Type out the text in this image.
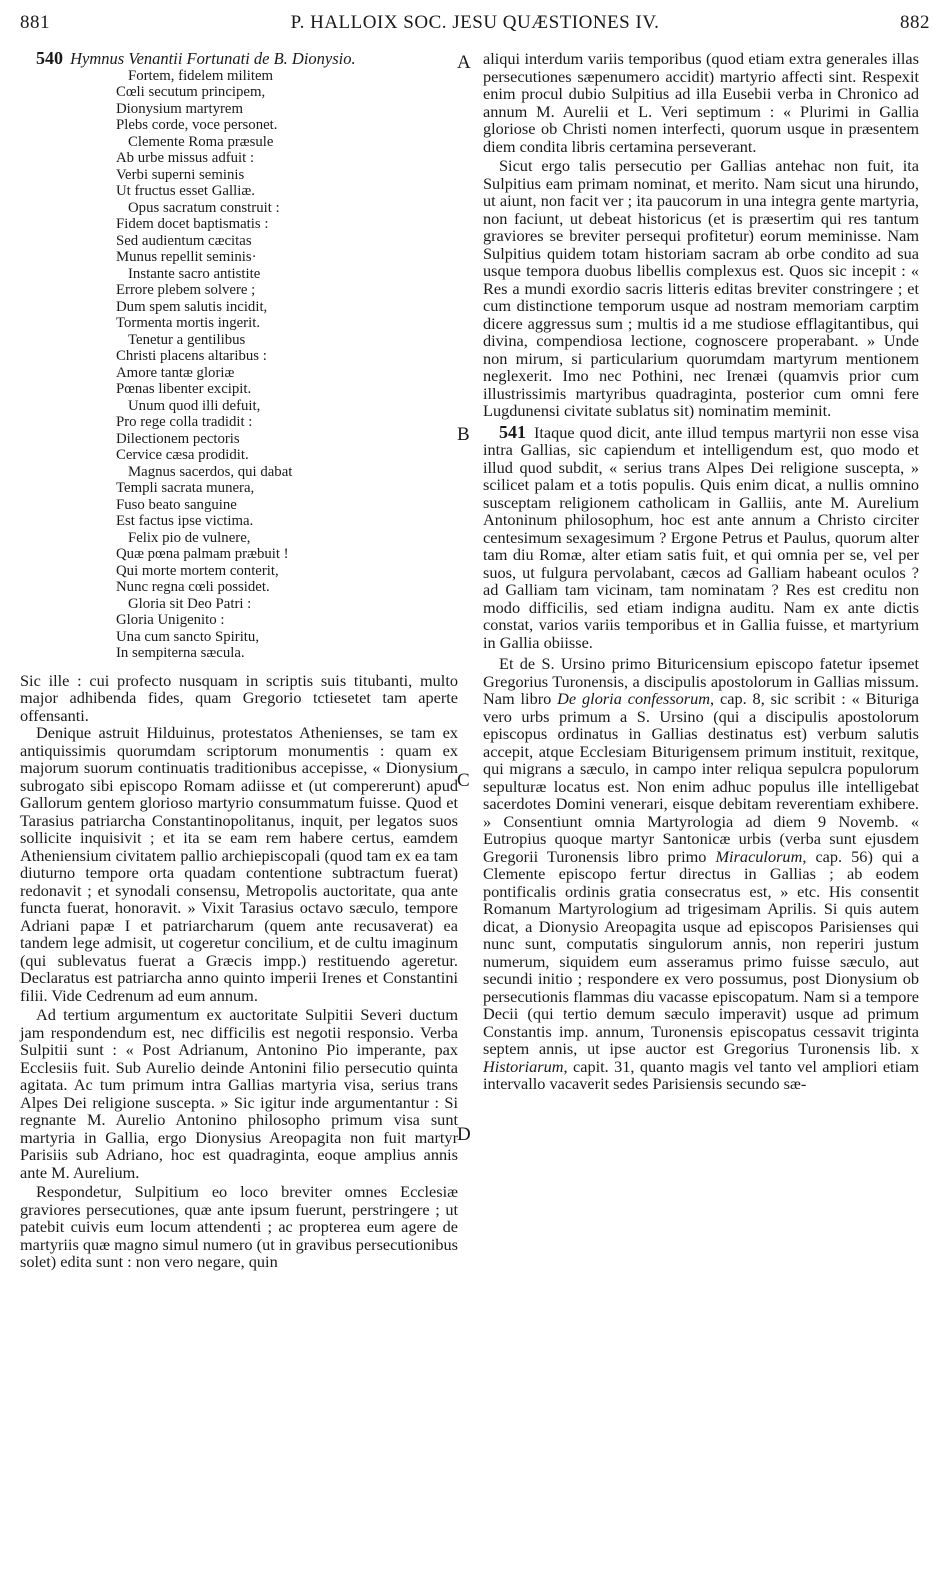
881	P. HALLOIX SOC. JESU QUÆSTIONES IV.	882
A
B
C
D

540 Hymnus Venantii Fortunati de B. Dionysio.

Fortem, fidelem militem
Cœli secutum principem,
Dionysium martyrem
Plebs corde, voce personet.
Clemente Roma præsule
Ab urbe missus adfuit :
Verbi superni seminis
Ut fructus esset Galliæ.
Opus sacratum construit :
Fidem docet baptismatis :
Sed audientum cæcitas
Munus repellit seminis·
Instante sacro antistite
Errore plebem solvere ;
Dum spem salutis incidit,
Tormenta mortis ingerit.
Tenetur a gentilibus
Christi placens altaribus :
Amore tantæ gloriæ
Pœnas libenter excipit.
Unum quod illi defuit,
Pro rege colla tradidit :
Dilectionem pectoris
Cervice cæsa prodidit.
Magnus sacerdos, qui dabat
Templi sacrata munera,
Fuso beato sanguine
Est factus ipse victima.
Felix pio de vulnere,
Quæ pœna palmam præbuit !
Qui morte mortem conterit,
Nunc regna cœli possidet.
Gloria sit Deo Patri :
Gloria Unigenito :
Una cum sancto Spiritu,
In sempiterna sæcula.

Sic ille : cui profecto nusquam in scriptis suis titubanti, multo major adhibenda fides, quam Gregorio tctiesetet tam aperte offensanti.

Denique astruit Hilduinus, protestatos Athenienses, se tam ex antiquissimis quorumdam scriptorum monumentis : quam ex majorum suorum continuatis traditionibus accepisse, « Dionysium subrogato sibi episcopo Romam adiisse et (ut compererunt) apud Gallorum gentem glorioso martyrio consummatum fuisse. Quod et Tarasius patriarcha Constantinopolitanus, inquit, per legatos suos sollicite inquisivit ; et ita se eam rem habere certus, eamdem Atheniensium civitatem pallio archiepiscopali (quod tam ex ea tam diuturno tempore orta quadam contentione subtractum fuerat) redonavit ; et synodali consensu, Metropolis auctoritate, qua ante functa fuerat, honoravit. » Vixit Tarasius octavo sæculo, tempore Adriani papæ I et patriarcharum (quem ante recusaverat) ea tandem lege admisit, ut cogeretur concilium, et de cultu imaginum (qui sublevatus fuerat a Græcis impp.) restituendo ageretur. Declaratus est patriarcha anno quinto imperii Irenes et Constantini filii. Vide Cedrenum ad eum annum.

Ad tertium argumentum ex auctoritate Sulpitii Severi ductum jam respondendum est, nec difficilis est negotii responsio. Verba Sulpitii sunt : « Post Adrianum, Antonino Pio imperante, pax Ecclesiis fuit. Sub Aurelio deinde Antonini filio persecutio quinta agitata. Ac tum primum intra Gallias martyria visa, serius trans Alpes Dei religione suscepta. » Sic igitur inde argumentantur : Si regnante M. Aurelio Antonino philosopho primum visa sunt martyria in Gallia, ergo Dionysius Areopagita non fuit martyr Parisiis sub Adriano, hoc est quadraginta, eoque amplius annis ante M. Aurelium.

Respondetur, Sulpitium eo loco breviter omnes Ecclesiæ graviores persecutiones, quæ ante ipsum fuerunt, perstringere ; ut patebit cuivis eum locum attendenti ; ac propterea eum agere de martyriis quæ magno simul numero (ut in gravibus persecutionibus solet) edita sunt : non vero negare, quin

aliqui interdum variis temporibus (quod etiam extra generales illas persecutiones sæpenumero accidit) martyrio affecti sint. Respexit enim procul dubio Sulpitius ad illa Eusebii verba in Chronico ad annum M. Aurelii et L. Veri septimum : « Plurimi in Gallia gloriose ob Christi nomen interfecti, quorum usque in præsentem diem condita libris certamina perseverant.

Sicut ergo talis persecutio per Gallias antehac non fuit, ita Sulpitius eam primam nominat, et merito. Nam sicut una hirundo, ut aiunt, non facit ver ; ita paucorum in una integra gente martyria, non faciunt, ut debeat historicus (et is præsertim qui res tantum graviores se breviter persequi profitetur) eorum meminisse. Nam Sulpitius quidem totam historiam sacram ab orbe condito ad sua usque tempora duobus libellis complexus est. Quos sic incepit : « Res a mundi exordio sacris litteris editas breviter constringere ; et cum distinctione temporum usque ad nostram memoriam carptim dicere aggressus sum ; multis id a me studiose efflagitantibus, qui divina, compendiosa lectione, cognoscere properabant. » Unde non mirum, si particularium quorumdam martyrum mentionem neglexerit. Imo nec Pothini, nec Irenæi (quamvis prior cum illustrissimis martyribus quadraginta, posterior cum omni fere Lugdunensi civitate sublatus sit) nominatim meminit.

541 Itaque quod dicit, ante illud tempus martyrii non esse visa intra Gallias, sic capiendum et intelligendum est, quo modo et illud quod subdit, « serius trans Alpes Dei religione suscepta, » scilicet palam et a totis populis. Quis enim dicat, a nullis omnino susceptam religionem catholicam in Galliis, ante M. Aurelium Antoninum philosophum, hoc est ante annum a Christo circiter centesimum sexagesimum ? Ergone Petrus et Paulus, quorum alter tam diu Romæ, alter etiam satis fuit, et qui omnia per se, vel per suos, ut fulgura pervolabant, cæcos ad Galliam habeant oculos ? ad Galliam tam vicinam, tam nominatam ? Res est creditu non modo difficilis, sed etiam indigna auditu. Nam ex ante dictis constat, varios variis temporibus et in Gallia fuisse, et martyrium in Gallia obiisse.

Et de S. Ursino primo Bituricensium episcopo fatetur ipsemet Gregorius Turonensis, a discipulis apostolorum in Gallias missum. Nam libro De gloria confessorum, cap. 8, sic scribit : « Bituriga vero urbs primum a S. Ursino (qui a discipulis apostolorum episcopus ordinatus in Gallias destinatus est) verbum salutis accepit, atque Ecclesiam Biturigensem primum instituit, rexitque, qui migrans a sæculo, in campo inter reliqua sepulcra populorum sepulturæ locatus est. Non enim adhuc populus ille intelligebat sacerdotes Domini venerari, eisque debitam reverentiam exhibere. » Consentiunt omnia Martyrologia ad diem 9 Novemb. « Eutropius quoque martyr Santonicæ urbis (verba sunt ejusdem Gregorii Turonensis libro primo Miraculorum, cap. 56) qui a Clemente episcopo fertur directus in Gallias ; ab eodem pontificalis ordinis gratia consecratus est, » etc. His consentit Romanum Martyrologium ad trigesimam Aprilis. Si quis autem dicat, a Dionysio Areopagita usque ad episcopos Parisienses qui nunc sunt, computatis singulorum annis, non reperiri justum numerum, siquidem eum asseramus primo fuisse sæculo, aut secundi initio ; respondere ex vero possumus, post Dionysium ob persecutionis flammas diu vacasse episcopatum. Nam si a tempore Decii (qui tertio demum sæculo imperavit) usque ad primum Constantis imp. annum, Turonensis episcopatus cessavit triginta septem annis, ut ipse auctor est Gregorius Turonensis lib. x Historiarum, capit. 31, quanto magis vel tanto vel ampliori etiam intervallo vacaverit sedes Parisiensis secundo sæ-
